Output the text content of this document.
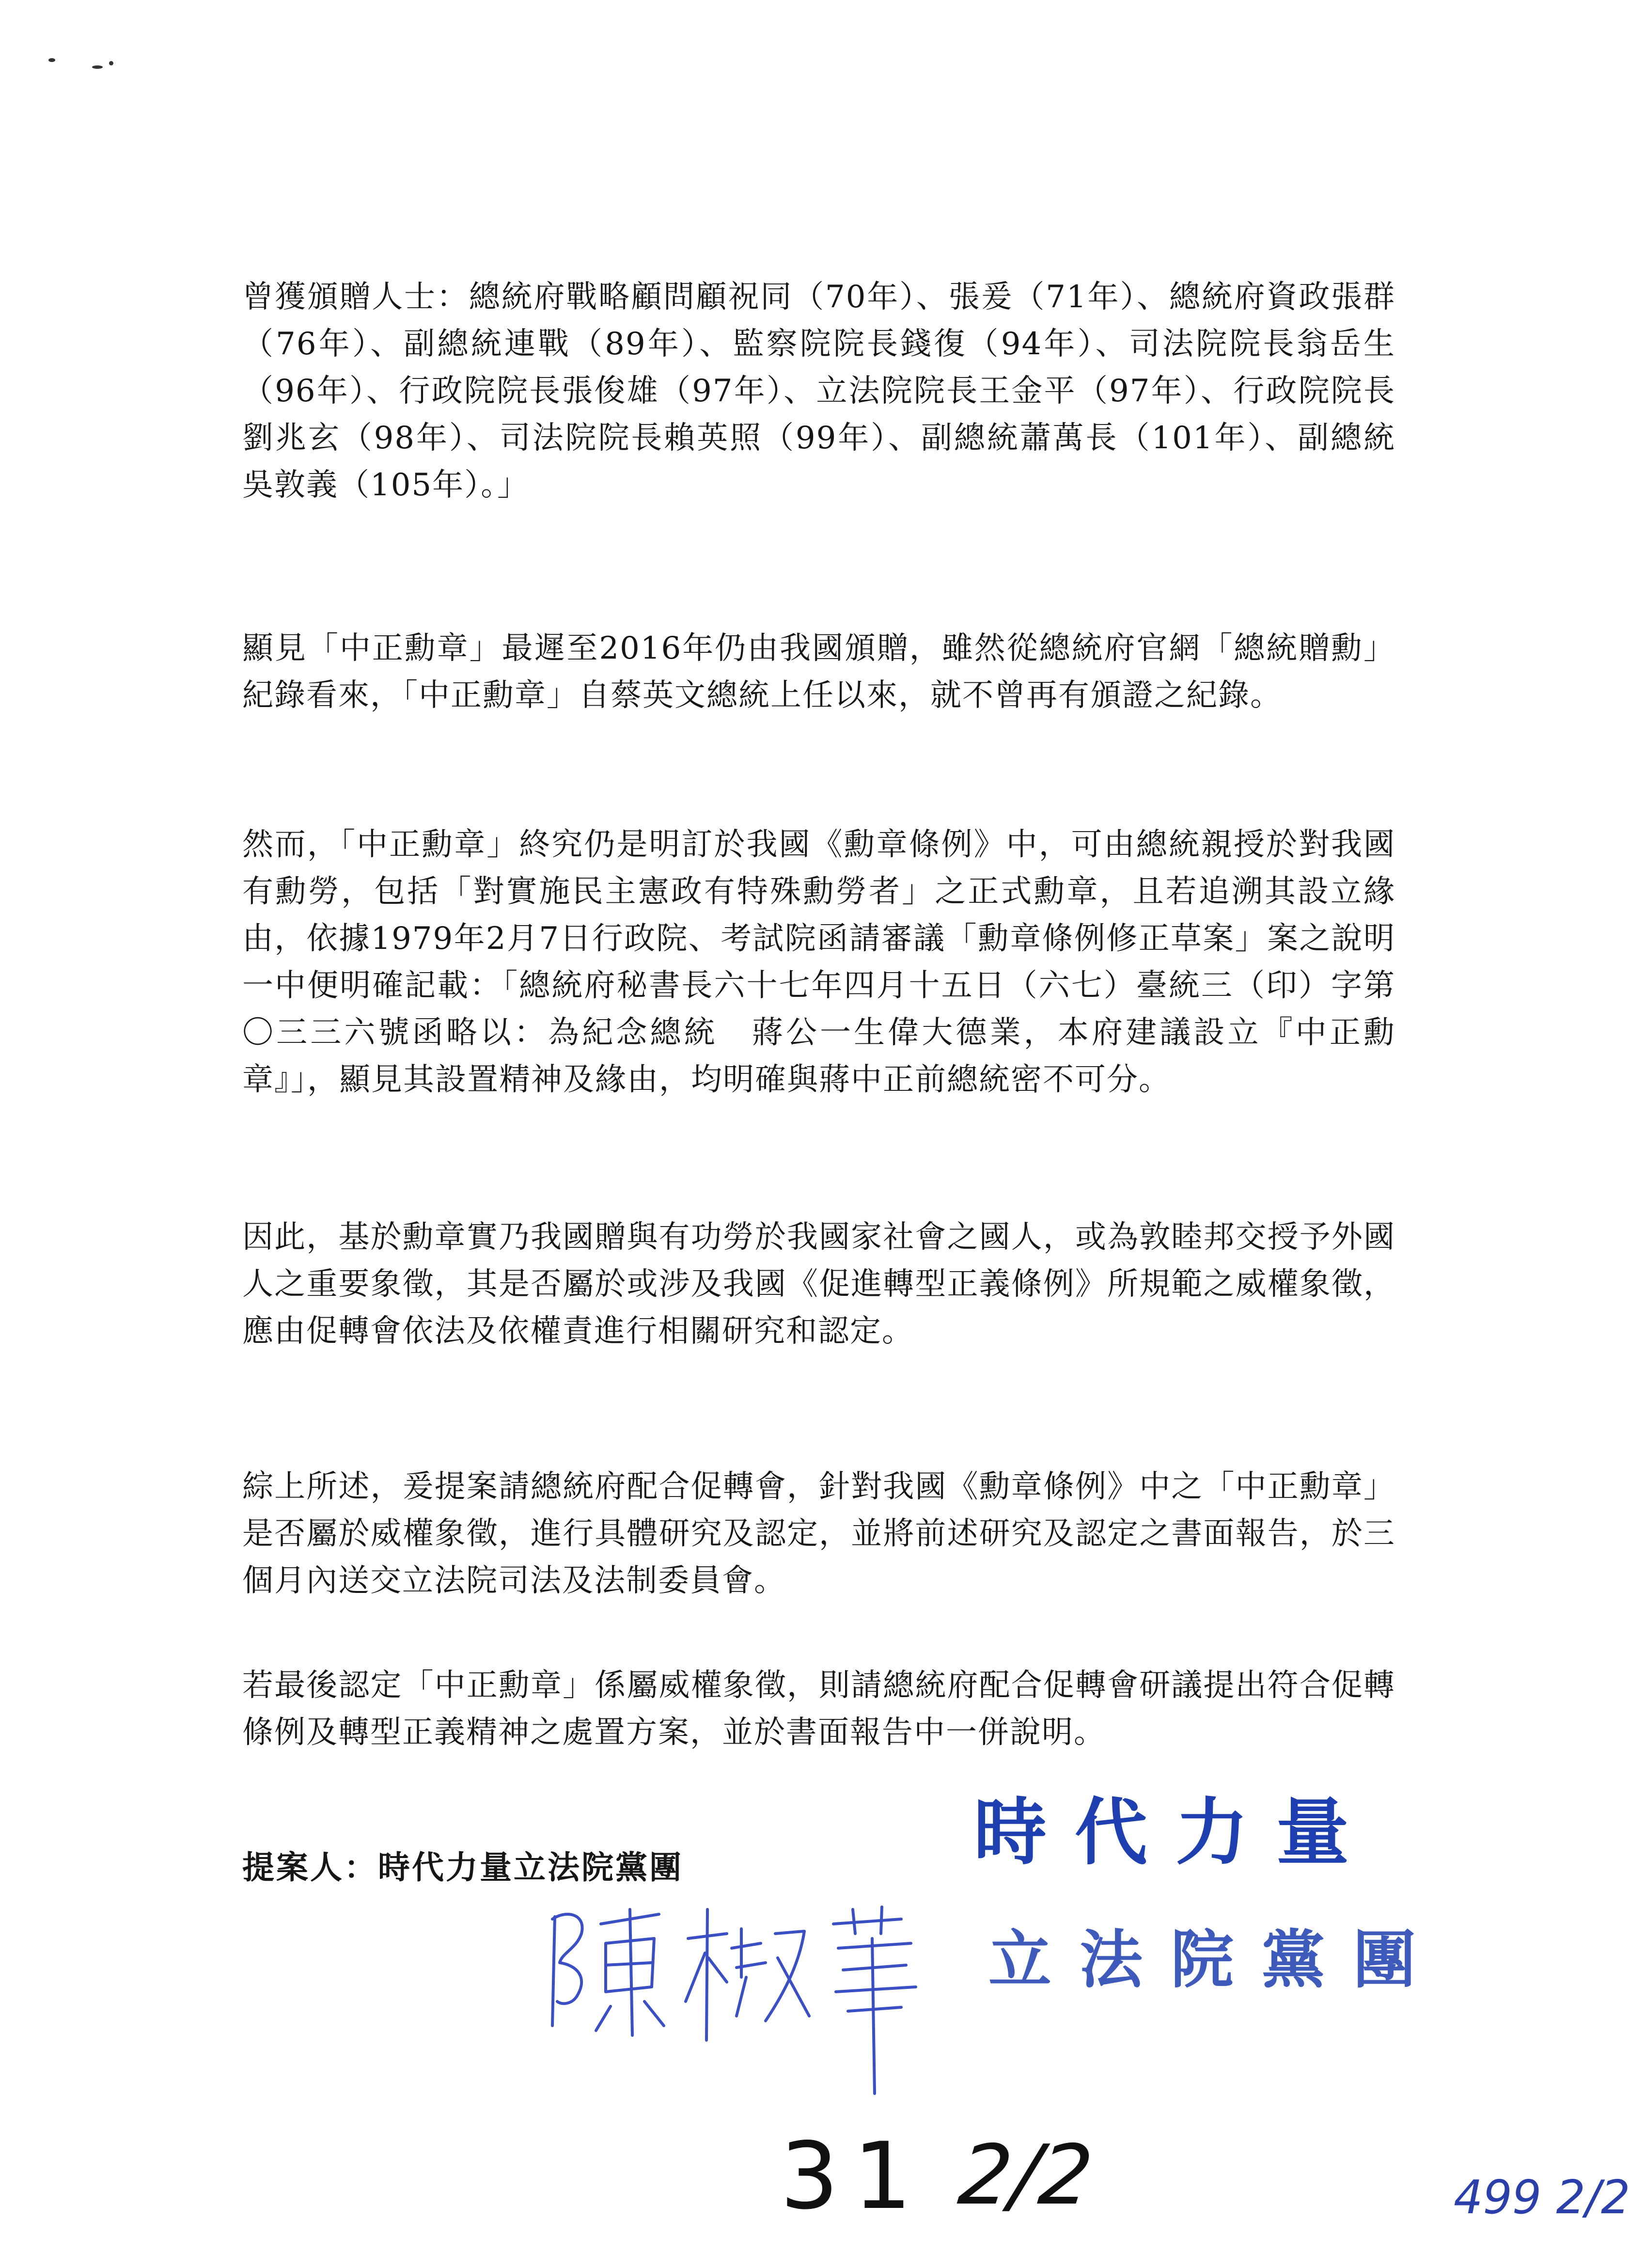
曾獲頒贈人士：總統府戰略顧問顧祝同（70年）、張爰（71年）、總統府資政張群（76年）、副總統連戰（89年）、監察院院長錢復（94年）、司法院院長翁岳生（96年）、行政院院長張俊雄（97年）、立法院院長王金平（97年）、行政院院長劉兆玄（98年）、司法院院長賴英照（99年）、副總統蕭萬長（101年）、副總統吳敦義（105年）。」
顯見「中正勳章」最遲至2016年仍由我國頒贈，雖然從總統府官網「總統贈勳」紀錄看來，「中正勳章」自蔡英文總統上任以來，就不曾再有頒證之紀錄。
然而，「中正勳章」終究仍是明訂於我國《勳章條例》中，可由總統親授於對我國有勳勞，包括「對實施民主憲政有特殊勳勞者」之正式勳章，且若追溯其設立緣由，依據1979年2月7日行政院、考試院函請審議「勳章條例修正草案」案之說明一中便明確記載：「總統府秘書長六十七年四月十五日（六七）臺統三（印）字第〇三三六號函略以：為紀念總統　蔣公一生偉大德業，本府建議設立『中正勳章』」，顯見其設置精神及緣由，均明確與蔣中正前總統密不可分。
因此，基於勳章實乃我國贈與有功勞於我國家社會之國人，或為敦睦邦交授予外國人之重要象徵，其是否屬於或涉及我國《促進轉型正義條例》所規範之威權象徵，應由促轉會依法及依權責進行相關研究和認定。
綜上所述，爰提案請總統府配合促轉會，針對我國《勳章條例》中之「中正勳章」是否屬於威權象徵，進行具體研究及認定，並將前述研究及認定之書面報告，於三個月內送交立法院司法及法制委員會。
若最後認定「中正勳章」係屬威權象徵，則請總統府配合促轉會研議提出符合促轉條例及轉型正義精神之處置方案，並於書面報告中一併說明。
提案人：時代力量立法院黨團	時代力量
立法院黨團
31 2/2	499 2/2
